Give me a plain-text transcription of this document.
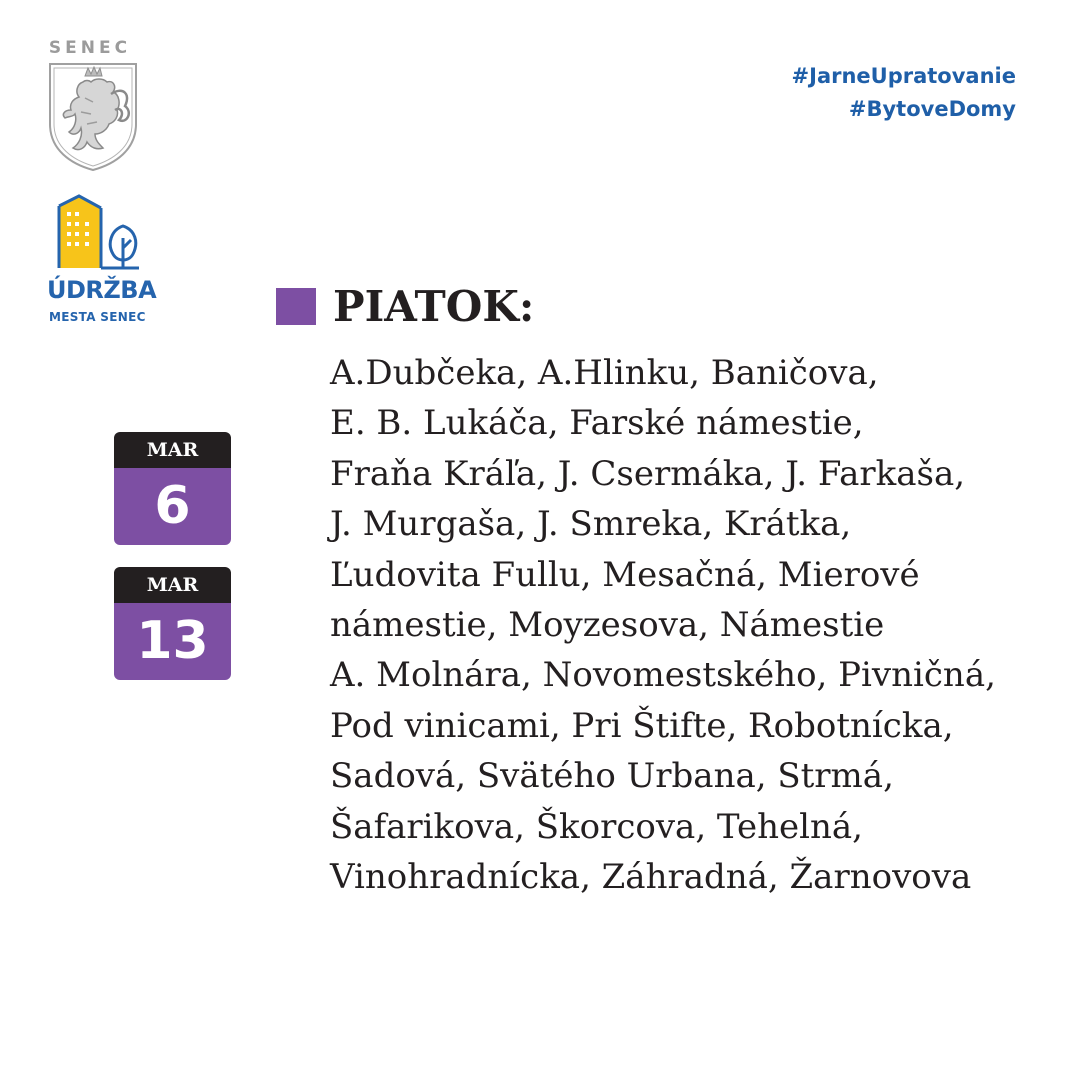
SENEC
ÚDRŽBA
MESTA SENEC
#JarneUpratovanie
#BytoveDomy
MAR
6
MAR
13
PIATOK:
A.Dubčeka, A.Hlinku, Baničova,
E. B. Lukáča, Farské námestie,
Fraňa Kráľa, J. Csermáka, J. Farkaša,
J. Murgaša, J. Smreka, Krátka,
Ľudovita Fullu, Mesačná, Mierové
námestie, Moyzesova, Námestie
A. Molnára, Novomestského, Pivničná,
Pod vinicami, Pri Štifte, Robotnícka,
Sadová, Svätého Urbana, Strmá,
Šafarikova, Škorcova, Tehelná,
Vinohradnícka, Záhradná, Žarnovova
